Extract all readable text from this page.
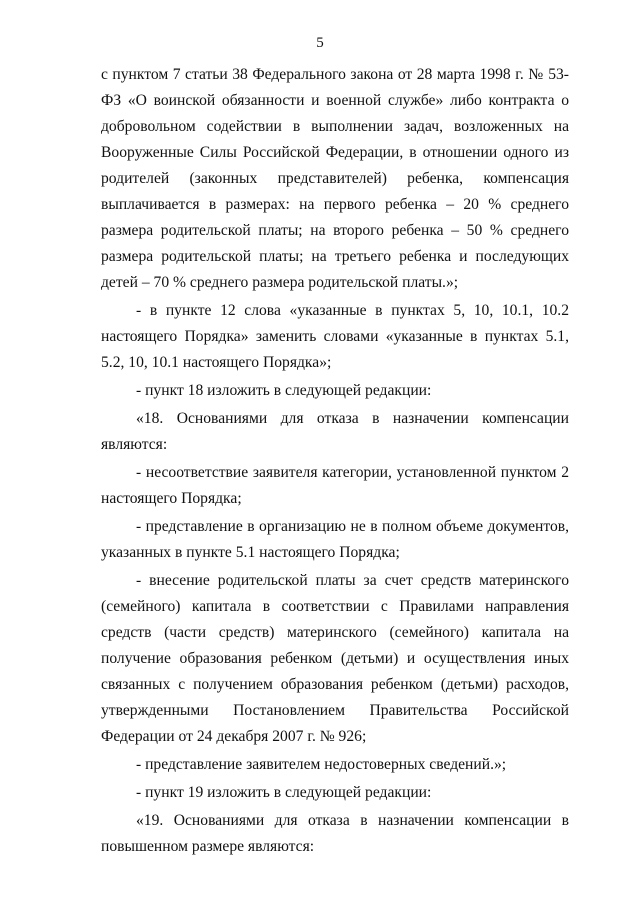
5

с пунктом 7 статьи 38 Федерального закона от 28 марта 1998 г. № 53-ФЗ «О воинской обязанности и военной службе» либо контракта о добровольном содействии в выполнении задач, возложенных на Вооруженные Силы Российской Федерации, в отношении одного из родителей (законных представителей) ребенка, компенсация выплачивается в размерах: на первого ребенка – 20 % среднего размера родительской платы; на второго ребенка – 50 % среднего размера родительской платы; на третьего ребенка и последующих детей – 70 % среднего размера родительской платы.»;

- в пункте 12 слова «указанные в пунктах 5, 10, 10.1, 10.2 настоящего Порядка» заменить словами «указанные в пунктах 5.1, 5.2, 10, 10.1 настоящего Порядка»;

- пункт 18 изложить в следующей редакции:

«18. Основаниями для отказа в назначении компенсации являются:

- несоответствие заявителя категории, установленной пунктом 2 настоящего Порядка;

- представление в организацию не в полном объеме документов, указанных в пункте 5.1 настоящего Порядка;

- внесение родительской платы за счет средств материнского (семейного) капитала в соответствии с Правилами направления средств (части средств) материнского (семейного) капитала на получение образования ребенком (детьми) и осуществления иных связанных с получением образования ребенком (детьми) расходов, утвержденными Постановлением Правительства Российской Федерации от 24 декабря 2007 г. № 926;

- представление заявителем недостоверных сведений.»;

- пункт 19 изложить в следующей редакции:

«19. Основаниями для отказа в назначении компенсации в повышенном размере являются:
